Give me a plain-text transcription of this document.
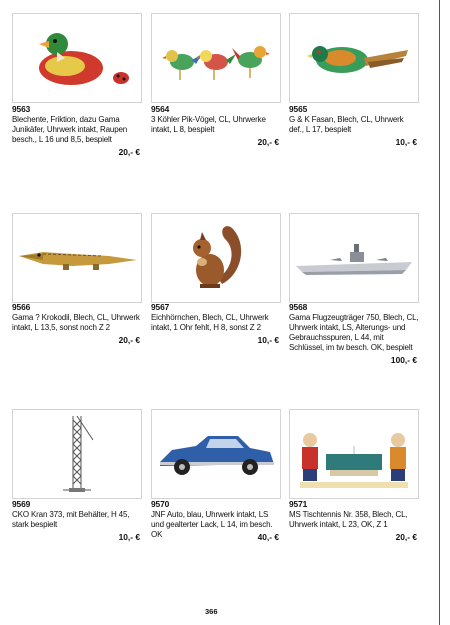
9563
Blechente, Friktion, dazu Gama Junikäfer, Uhrwerk intakt, Raupen besch., L 16 und 8,5, bespielt
20,- €
9564
3 Köhler Pik-Vögel, CL, Uhrwerke intakt, L 8, bespielt
20,- €
9565
G & K Fasan, Blech, CL, Uhrwerk def., L 17, bespielt
10,- €
9566
Gama ? Krokodil, Blech, CL, Uhrwerk intakt, L 13,5, sonst noch Z 2
20,- €
9567
Eichhörnchen, Blech, CL, Uhrwerk intakt, 1 Ohr fehlt, H 8, sonst Z 2
10,- €
9568
Gama Flugzeugträger 750, Blech, CL, Uhrwerk intakt, LS, Alterungs- und Gebrauchsspuren, L 44, mit Schlüssel, im tw besch. OK, bespielt
100,- €
9569
CKO Kran 373, mit Behälter, H 45, stark bespielt
10,- €
9570
JNF Auto, blau, Uhrwerk intakt, LS und gealterter Lack, L 14, im besch. OK	40,- €
9571
MS Tischtennis Nr. 358, Blech, CL, Uhrwerk intakt, L 23, OK, Z 1
20,- €
366
